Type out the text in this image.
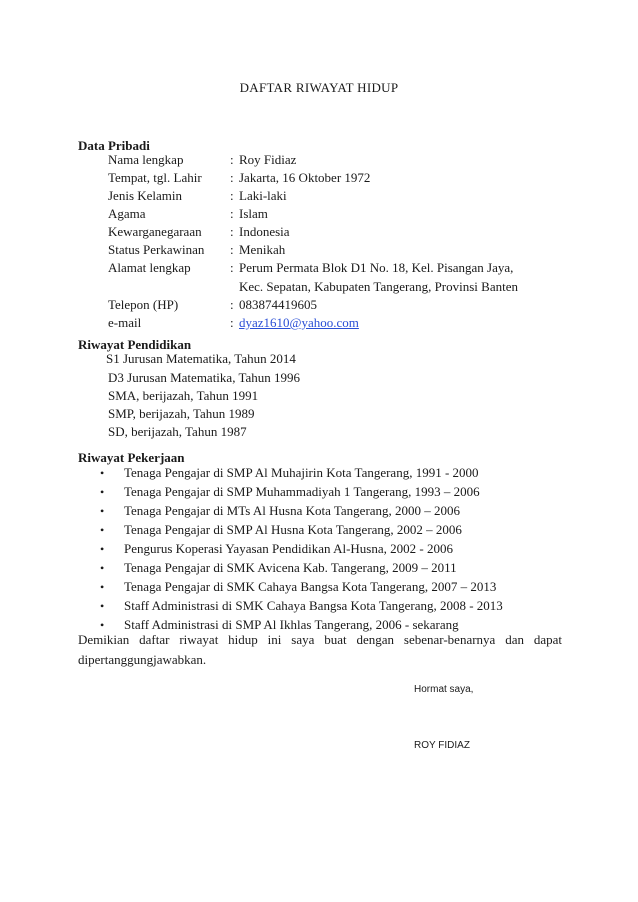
DAFTAR RIWAYAT HIDUP
Data Pribadi
Nama lengkap	: Roy Fidiaz
Tempat, tgl. Lahir : Jakarta, 16 Oktober 1972
Jenis Kelamin	: Laki-laki
Agama	: Islam
Kewarganegaraan : Indonesia
Status Perkawinan : Menikah
Alamat lengkap	: Perum Permata Blok D1 No. 18, Kel. Pisangan Jaya,
Kec. Sepatan, Kabupaten Tangerang, Provinsi Banten
Telepon (HP)	: 083874419605
e-mail	: dyaz1610@yahoo.com
Riwayat Pendidikan
S1 Jurusan Matematika, Tahun 2014
D3 Jurusan Matematika, Tahun 1996
SMA, berijazah, Tahun 1991
SMP, berijazah, Tahun 1989
SD, berijazah, Tahun 1987
Riwayat Pekerjaan
• Tenaga Pengajar di SMP Al Muhajirin Kota Tangerang, 1991 - 2000
• Tenaga Pengajar di SMP Muhammadiyah 1 Tangerang, 1993 – 2006
• Tenaga Pengajar di MTs Al Husna Kota Tangerang, 2000 – 2006
• Tenaga Pengajar di SMP Al Husna Kota Tangerang, 2002 – 2006
• Pengurus Koperasi Yayasan Pendidikan Al-Husna, 2002 - 2006
• Tenaga Pengajar di SMK Avicena Kab. Tangerang, 2009 – 2011
• Tenaga Pengajar di SMK Cahaya Bangsa Kota Tangerang, 2007 – 2013
• Staff Administrasi di SMK Cahaya Bangsa Kota Tangerang, 2008 - 2013
• Staff Administrasi di SMP Al Ikhlas Tangerang, 2006 - sekarang
Demikian daftar riwayat hidup ini saya buat dengan sebenar-benarnya dan dapat
dipertanggungjawabkan.
Hormat saya,
ROY FIDIAZ
